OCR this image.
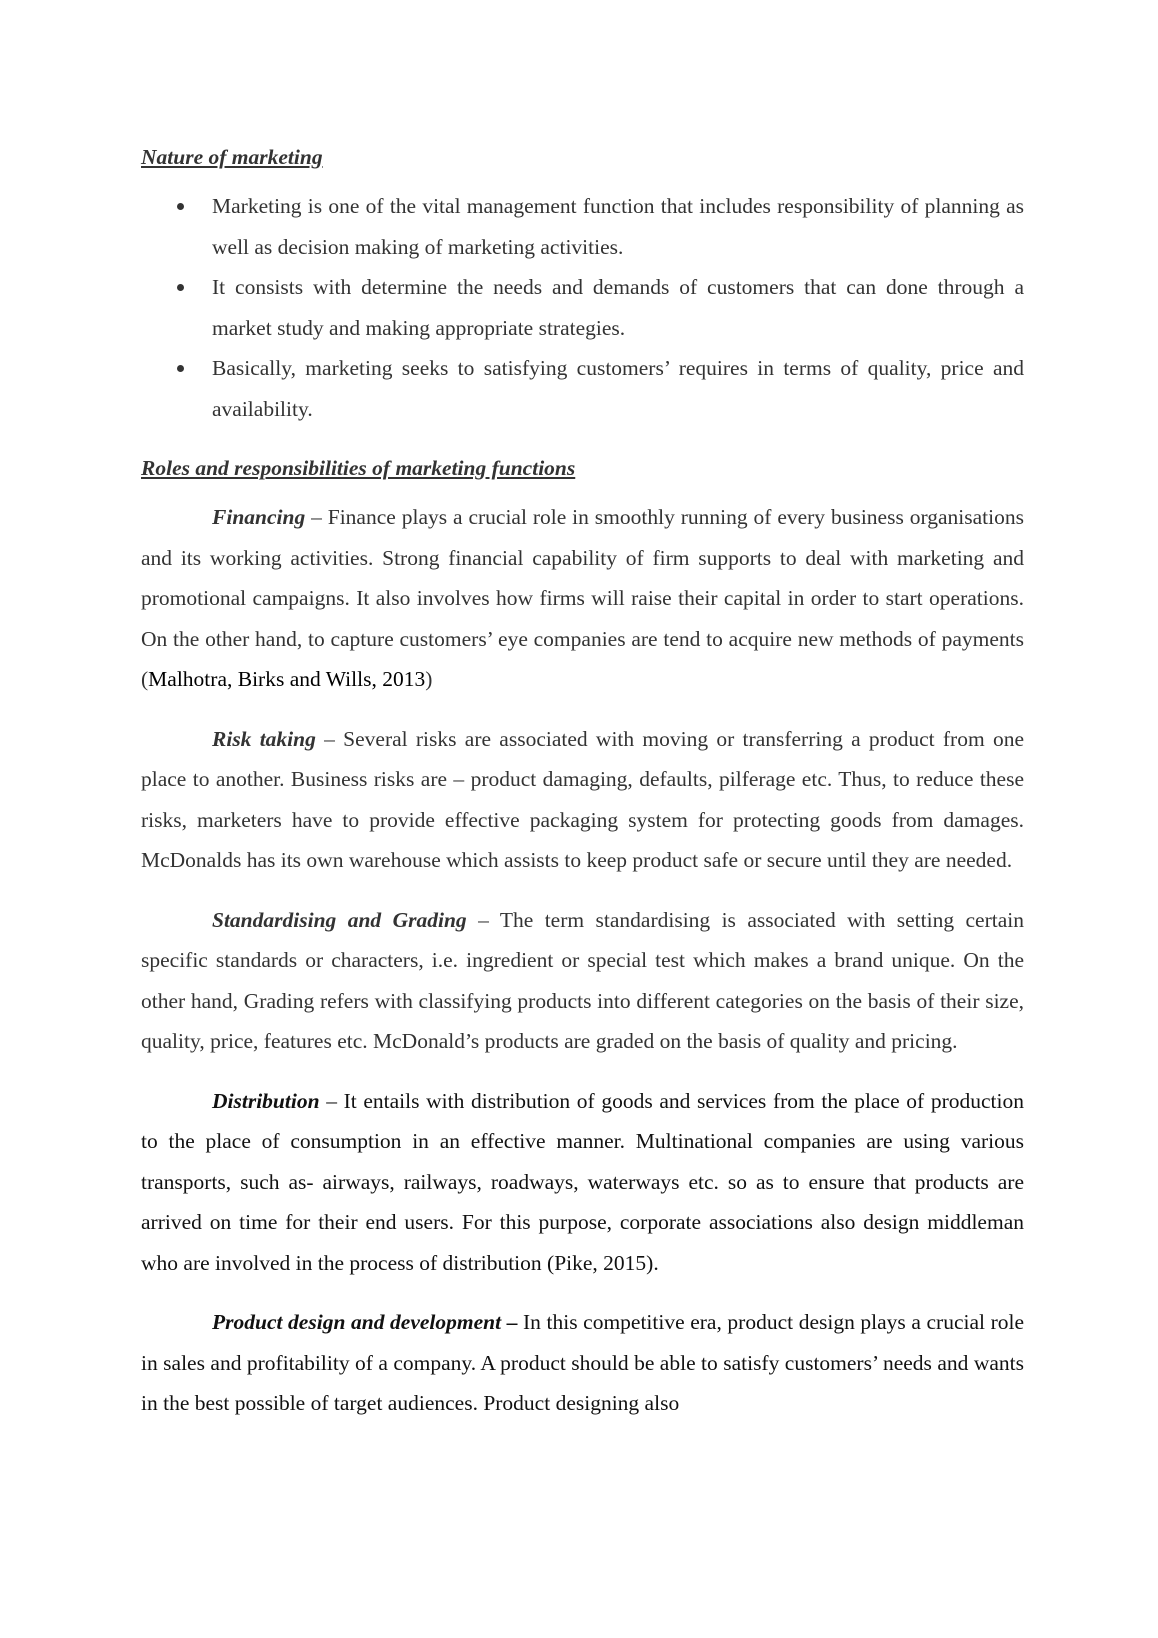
Nature of marketing

Marketing is one of the vital management function that includes responsibility of planning as well as decision making of marketing activities.
It consists with determine the needs and demands of customers that can done through a market study and making appropriate strategies.
Basically, marketing seeks to satisfying customers’ requires in terms of quality, price and availability.

Roles and responsibilities of marketing functions

Financing – Finance plays a crucial role in smoothly running of every business organisations and its working activities. Strong financial capability of firm supports to deal with marketing and promotional campaigns. It also involves how firms will raise their capital in order to start operations. On the other hand, to capture customers’ eye companies are tend to acquire new methods of payments (Malhotra, Birks and Wills, 2013)

Risk taking – Several risks are associated with moving or transferring a product from one place to another. Business risks are – product damaging, defaults, pilferage etc. Thus, to reduce these risks, marketers have to provide effective packaging system for protecting goods from damages. McDonalds has its own warehouse which assists to keep product safe or secure until they are needed.

Standardising and Grading – The term standardising is associated with setting certain specific standards or characters, i.e. ingredient or special test which makes a brand unique. On the other hand, Grading refers with classifying products into different categories on the basis of their size, quality, price, features etc. McDonald’s products are graded on the basis of quality and pricing.

Distribution – It entails with distribution of goods and services from the place of production to the place of consumption in an effective manner. Multinational companies are using various transports, such as- airways, railways, roadways, waterways etc. so as to ensure that products are arrived on time for their end users. For this purpose, corporate associations also design middleman who are involved in the process of distribution (Pike, 2015).

Product design and development – In this competitive era, product design plays a crucial role in sales and profitability of a company. A product should be able to satisfy customers’ needs and wants in the best possible of target audiences. Product designing also
